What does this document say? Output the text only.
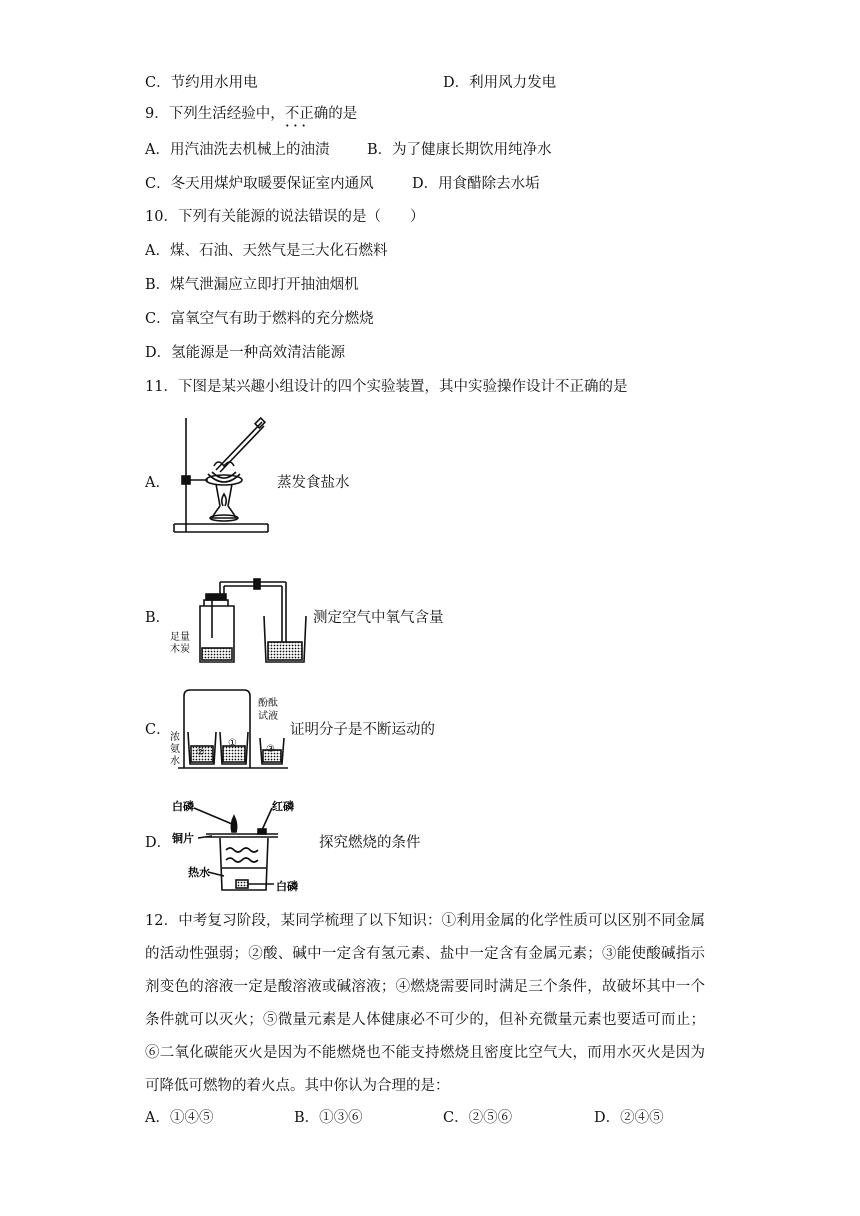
C．节约用水用电	D．利用风力发电
9．下列生活经验中，不正确 · ·的是
A．用汽油洗去机械上的油渍	B．为了健康长期饮用纯净水
C．冬天用煤炉取暖要保证室内通风	D．用食醋除去水垢
10．下列有关能源的说法错误的是（　　）
A．煤、石油、天然气是三大化石燃料
B．煤气泄漏应立即打开抽油烟机
C．富氧空气有助于燃料的充分燃烧
D．氢能源是一种高效清洁能源
11．下图是某兴趣小组设计的四个实验装置，其中实验操作设计不正确的是
A．	蒸发食盐水
B．
足量
木炭
测定空气中氧气含量
C． 浓
氨
水
酚酞
试液
②
①
③
证明分子是不断运动的
D．
白磷	红磷
铜片
热水
白磷
探究燃烧的条件
12．中考复习阶段，某同学梳理了以下知识：①利用金属的化学性质可以区别不同金属的活动性强弱；②酸、碱中一定含有氢元素、盐中一定含有金属元素；③能使酸碱指示剂变色的溶液一定是酸溶液或碱溶液；④燃烧需要同时满足三个条件，故破坏其中一个条件就可以灭火；⑤微量元素是人体健康必不可少的，但补充微量元素也要适可而止；⑥二氧化碳能灭火是因为不能燃烧也不能支持燃烧且密度比空气大，而用水灭火是因为可降低可燃物的着火点。其中你认为合理的是：
A．①④⑤	B．①③⑥	C．②⑤⑥	D．②④⑤
